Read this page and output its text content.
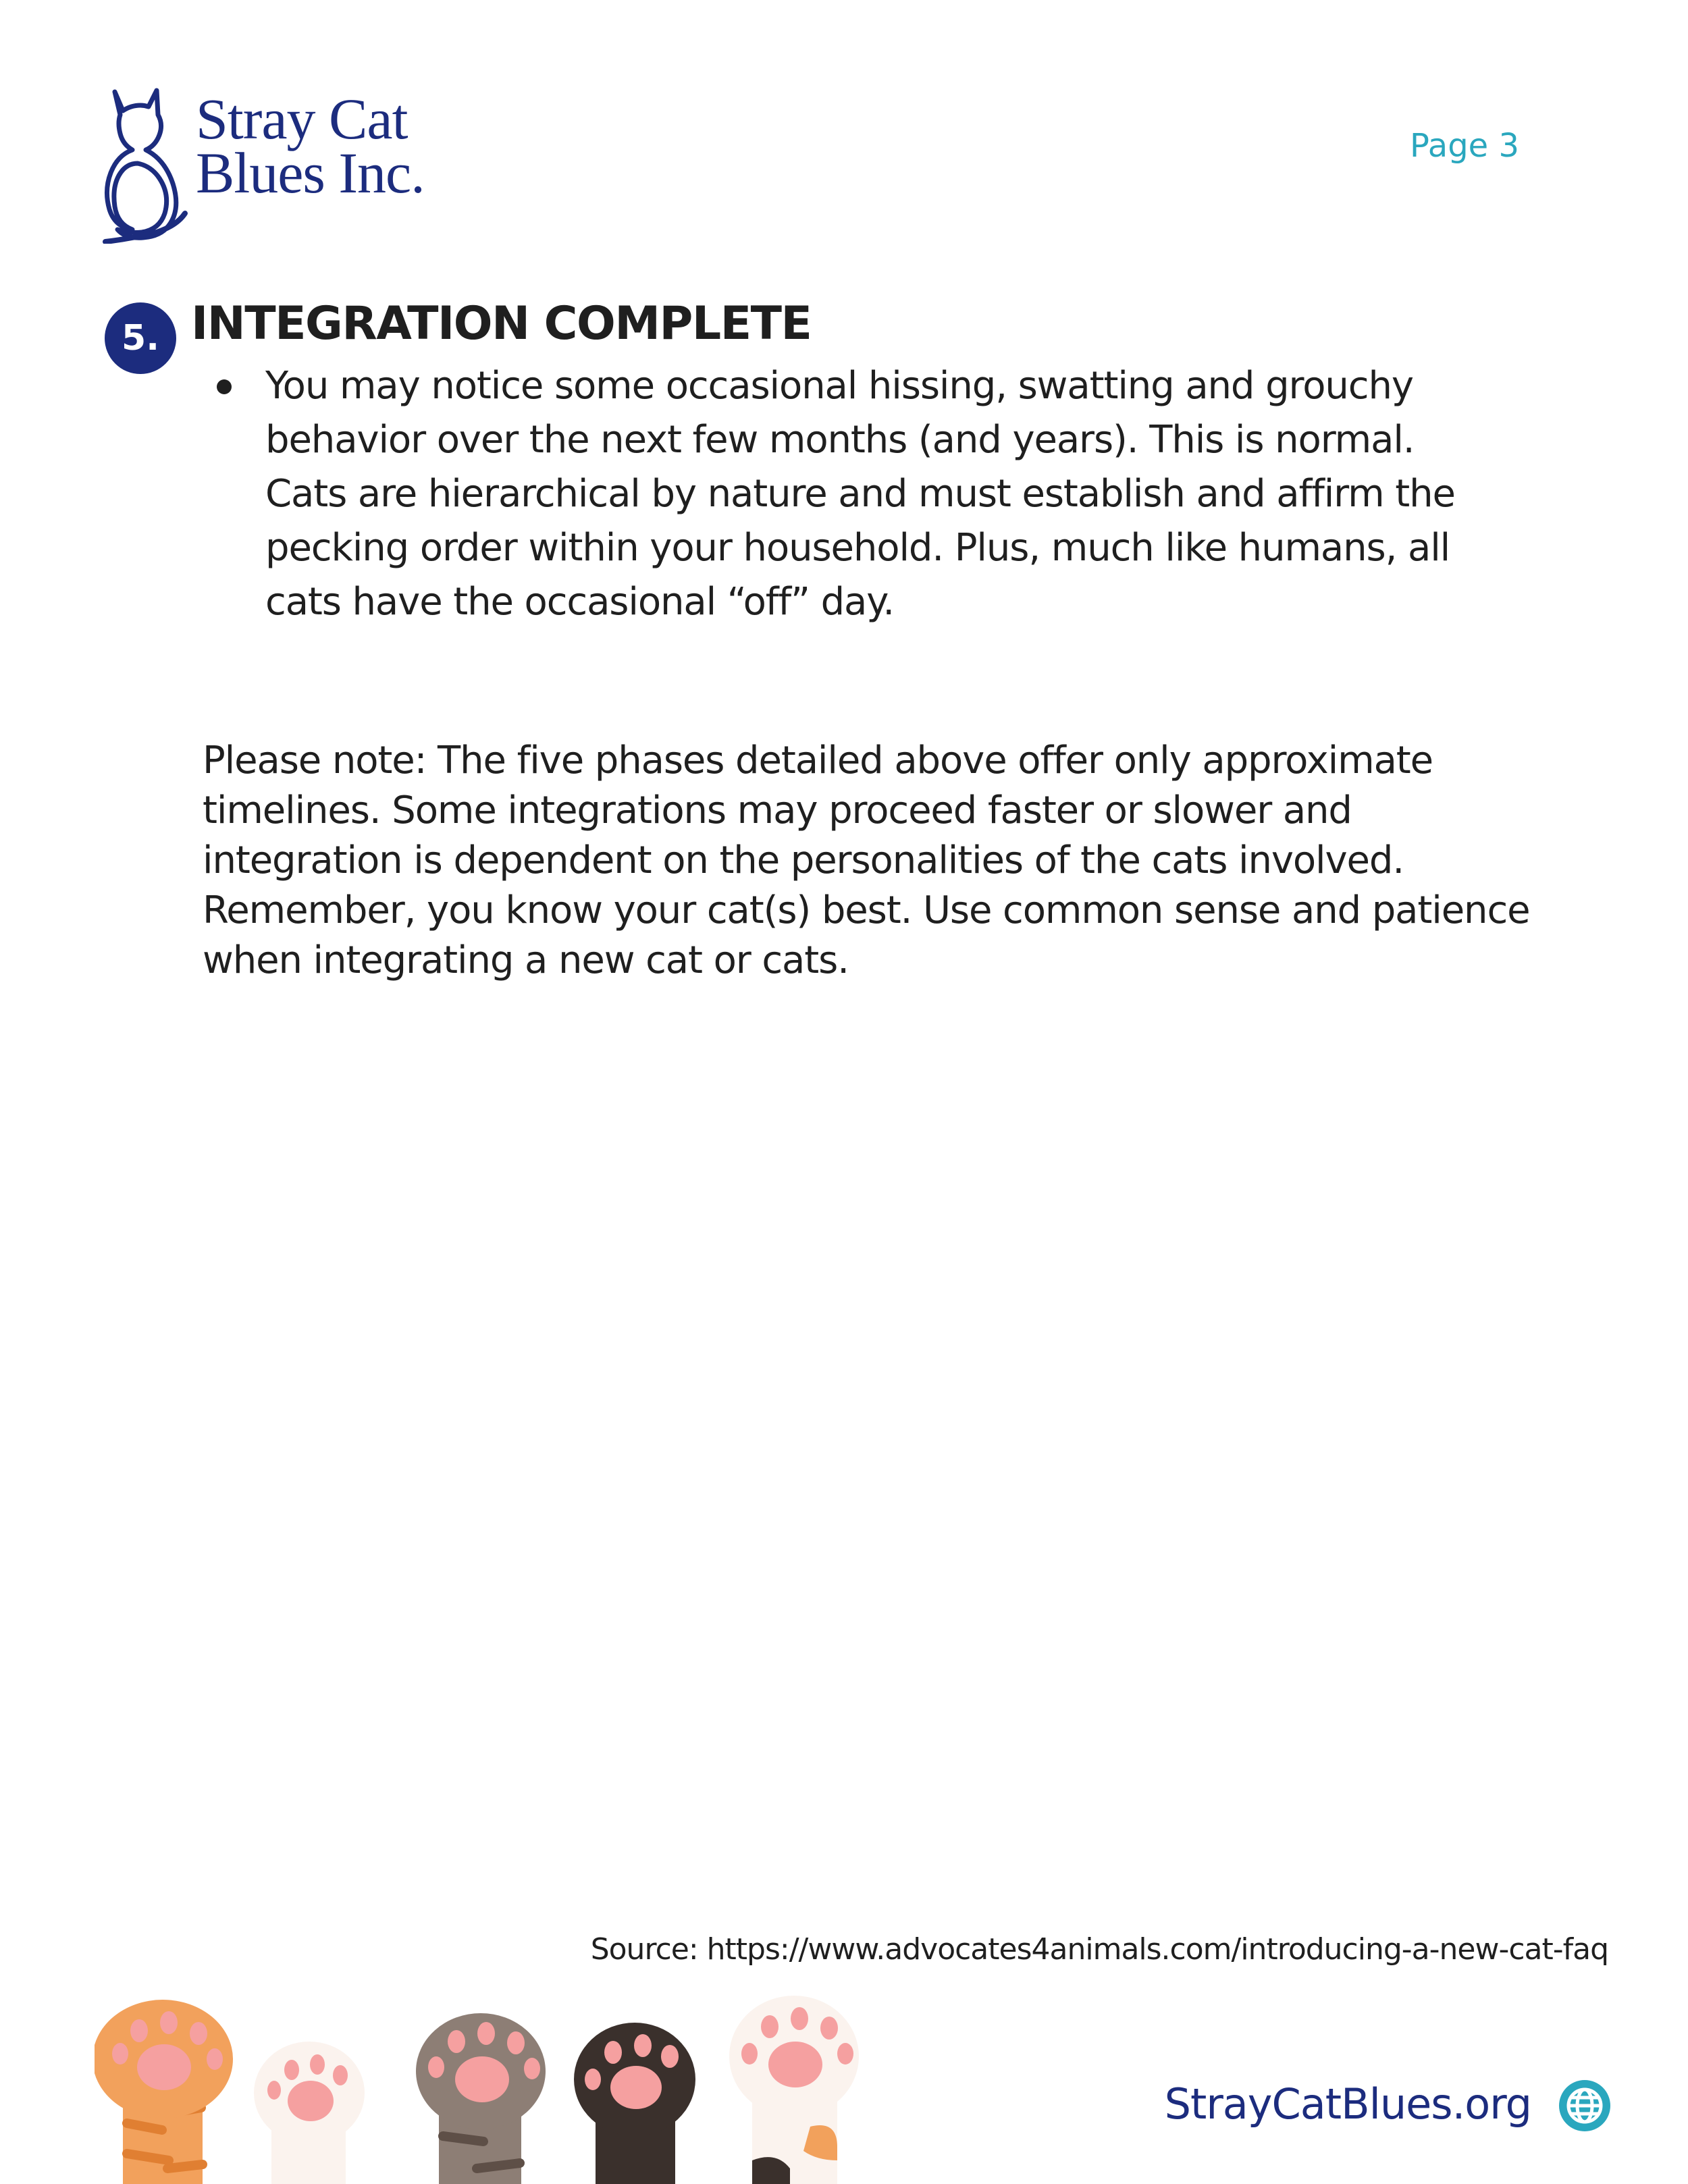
Stray Cat
Blues Inc.	Page 3
5. INTEGRATION COMPLETE
You may notice some occasional hissing, swatting and grouchy behavior over the next few months (and years). This is normal. Cats are hierarchical by nature and must establish and affirm the pecking order within your household. Plus, much like humans, all cats have the occasional “off” day.

Please note: The five phases detailed above offer only approximate timelines. Some integrations may proceed faster or slower and integration is dependent on the personalities of the cats involved. Remember, you know your cat(s) best. Use common sense and patience when integrating a new cat or cats.

Source: https://www.advocates4animals.com/introducing-a-new-cat-faq
StrayCatBlues.org
